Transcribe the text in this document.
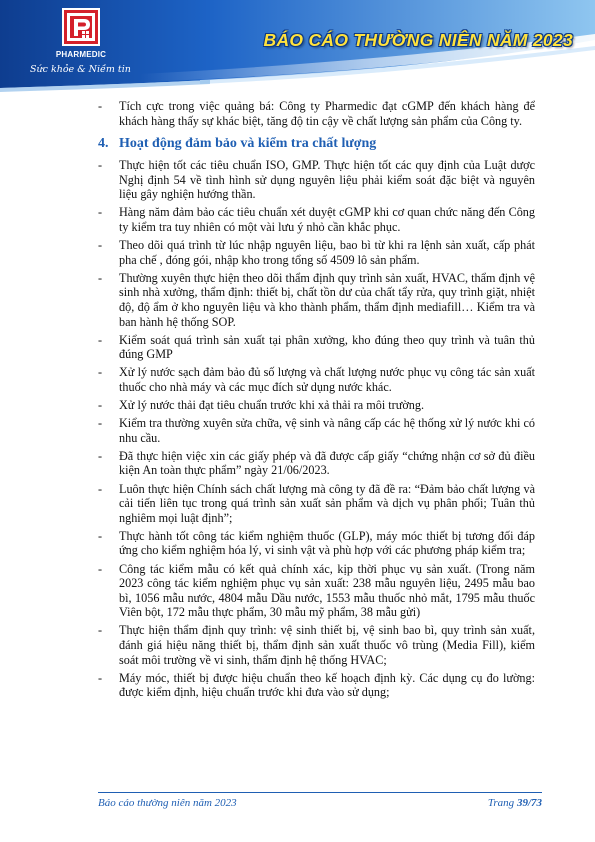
PHARMEDIC
Sức khỏe & Niềm tin
BÁO CÁO THƯỜNG NIÊN NĂM 2023
- Tích cực trong việc quảng bá: Công ty Pharmedic đạt cGMP đến khách hàng để khách hàng thấy sự khác biệt, tăng độ tin cậy về chất lượng sản phẩm của Công ty.
4. Hoạt động đảm bảo và kiểm tra chất lượng
- Thực hiện tốt các tiêu chuẩn ISO, GMP. Thực hiện tốt các quy định của Luật dược Nghị định 54 về tình hình sử dụng nguyên liệu phải kiểm soát đặc biệt và nguyên liệu gây nghiện hướng thần.
- Hàng năm đảm bảo các tiêu chuẩn xét duyệt cGMP khi cơ quan chức năng đến Công ty kiểm tra tuy nhiên có một vài lưu ý nhỏ cần khắc phục.
- Theo dõi quá trình từ lúc nhập nguyên liệu, bao bì từ khi ra lệnh sản xuất, cấp phát pha chế , đóng gói, nhập kho trong tổng số 4509 lô sản phẩm.
- Thường xuyên thực hiện theo dõi thẩm định quy trình sản xuất, HVAC, thẩm định vệ sinh nhà xưởng, thẩm định: thiết bị, chất tồn dư của chất tẩy rửa, quy trình giặt, nhiệt độ, độ ẩm ở kho nguyên liệu và kho thành phẩm, thẩm định mediafill… Kiểm tra và ban hành hệ thống SOP.
- Kiểm soát quá trình sản xuất tại phân xưởng, kho đúng theo quy trình và tuân thủ đúng GMP
- Xử lý nước sạch đảm bảo đủ số lượng và chất lượng nước phục vụ công tác sản xuất thuốc cho nhà máy và các mục đích sử dụng nước khác.
- Xử lý nước thải đạt tiêu chuẩn trước khi xả thải ra môi trường.
- Kiểm tra thường xuyên sửa chữa, vệ sinh và nâng cấp các hệ thống xử lý nước khi có nhu cầu.
- Đã thực hiện việc xin các giấy phép và đã được cấp giấy “chứng nhận cơ sở đủ điều kiện An toàn thực phẩm” ngày 21/06/2023.
- Luôn thực hiện Chính sách chất lượng mà công ty đã đề ra: “Đảm bảo chất lượng và cải tiến liên tục trong quá trình sản xuất sản phẩm và dịch vụ phân phối; Tuân thủ nghiêm mọi luật định”;
- Thực hành tốt công tác kiểm nghiệm thuốc (GLP), máy móc thiết bị tương đối đáp ứng cho kiểm nghiệm hóa lý, vi sinh vật và phù hợp với các phương pháp kiểm tra;
- Công tác kiểm mẫu có kết quả chính xác, kịp thời phục vụ sản xuất. (Trong năm 2023 công tác kiểm nghiệm phục vụ sản xuất: 238 mẫu nguyên liệu, 2495 mẫu bao bì, 1056 mẫu nước, 4804 mẫu Dầu nước, 1553 mẫu thuốc nhỏ mắt, 1795 mẫu thuốc Viên bột, 172 mẫu thực phẩm, 30 mẫu mỹ phẩm, 38 mẫu gửi)
- Thực hiện thẩm định quy trình: vệ sinh thiết bị, vệ sinh bao bì, quy trình sản xuất, đánh giá hiệu năng thiết bị, thẩm định sản xuất thuốc vô trùng (Media Fill), kiểm soát môi trường về vi sinh, thẩm định hệ thống HVAC;
- Máy móc, thiết bị được hiệu chuẩn theo kế hoạch định kỳ. Các dụng cụ đo lường: được kiểm định, hiệu chuẩn trước khi đưa vào sử dụng;
Báo cáo thường niên năm 2023	Trang 39/73
